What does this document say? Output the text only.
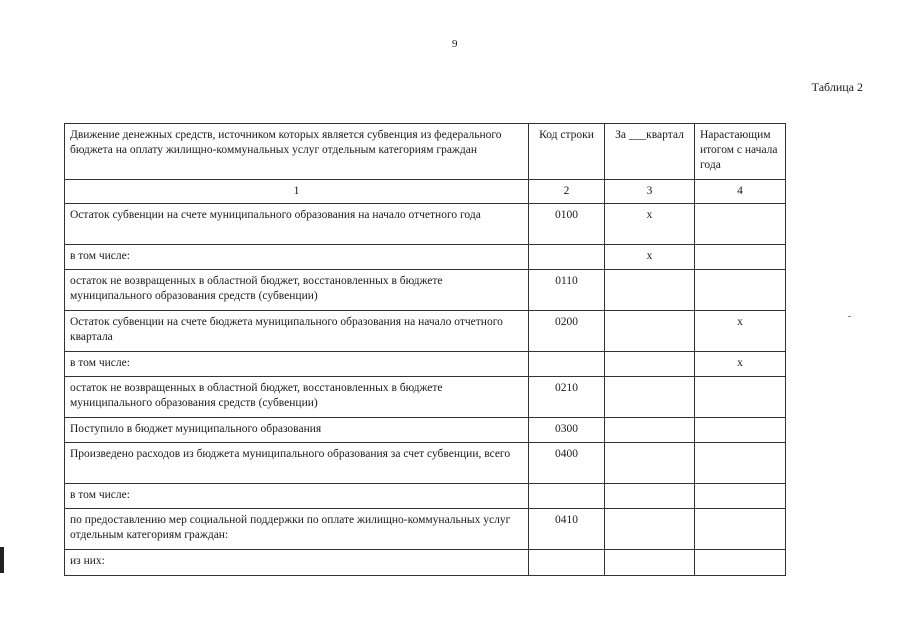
9
Таблица 2
Движение денежных средств, источником которых является субвенция из федерального бюджета на оплату жилищно-коммунальных услуг отдельным категориям граждан	Код строки	За ___квартал	Нарастающим итогом с начала года
1	2	3	4
Остаток субвенции на счете муниципального образования на начало отчетного года	0100	x	
в том числе:		x	
остаток не возвращенных в областной бюджет, восстановленных в бюджете муниципального образования средств (субвенции)	0110		
Остаток субвенции на счете бюджета муниципального образования на начало отчетного квартала	0200		x
в том числе:			x
остаток не возвращенных в областной бюджет, восстановленных в бюджете муниципального образования средств (субвенции)	0210		
Поступило в бюджет муниципального образования	0300		
Произведено расходов из бюджета муниципального образования за счет субвенции, всего	0400		
в том числе:			
по предоставлению мер социальной поддержки по оплате жилищно-коммунальных услуг отдельным категориям граждан:	0410		
из них:			
